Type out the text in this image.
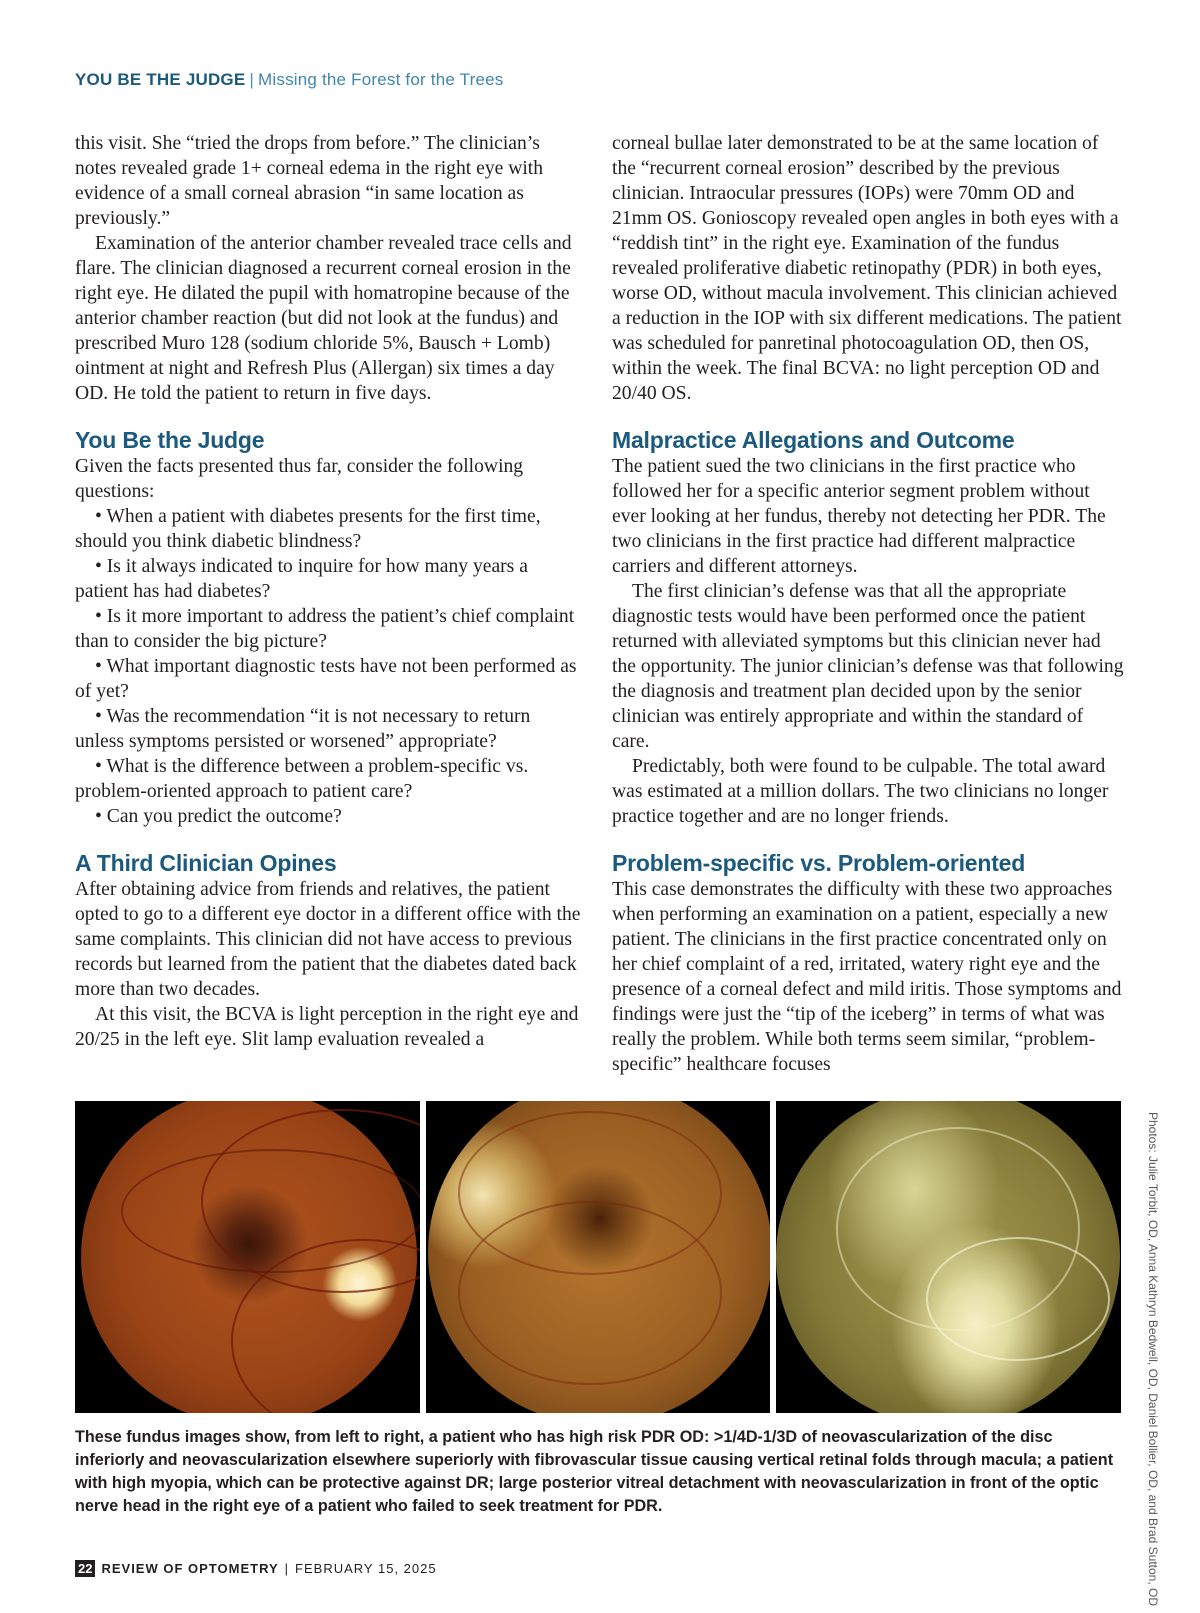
YOU BE THE JUDGE | Missing the Forest for the Trees

this visit. She “tried the drops from before.” The clinician’s notes revealed grade 1+ corneal edema in the right eye with evidence of a small corneal abrasion “in same location as previously.”

Examination of the anterior chamber revealed trace cells and flare. The clinician diagnosed a recurrent corneal erosion in the right eye. He dilated the pupil with homatropine because of the anterior chamber reaction (but did not look at the fundus) and prescribed Muro 128 (sodium chloride 5%, Bausch + Lomb) ointment at night and Refresh Plus (Allergan) six times a day OD. He told the patient to return in five days.

You Be the Judge

Given the facts presented thus far, consider the following questions:

• When a patient with diabetes presents for the first time, should you think diabetic blindness?

• Is it always indicated to inquire for how many years a patient has had diabetes?

• Is it more important to address the patient’s chief complaint than to consider the big picture?

• What important diagnostic tests have not been performed as of yet?

• Was the recommendation “it is not necessary to return unless symptoms persisted or worsened” appropriate?

• What is the difference between a problem-specific vs. problem-oriented approach to patient care?

• Can you predict the outcome?

A Third Clinician Opines

After obtaining advice from friends and relatives, the patient opted to go to a different eye doctor in a different office with the same complaints. This clinician did not have access to previous records but learned from the patient that the diabetes dated back more than two decades.

At this visit, the BCVA is light perception in the right eye and 20/25 in the left eye. Slit lamp evaluation revealed a

corneal bullae later demonstrated to be at the same location of the “recurrent corneal erosion” described by the previous clinician. Intraocular pressures (IOPs) were 70mm OD and 21mm OS. Gonioscopy revealed open angles in both eyes with a “reddish tint” in the right eye. Examination of the fundus revealed proliferative diabetic retinopathy (PDR) in both eyes, worse OD, without macula involvement. This clinician achieved a reduction in the IOP with six different medications. The patient was scheduled for panretinal photocoagulation OD, then OS, within the week. The final BCVA: no light perception OD and 20/40 OS.

Malpractice Allegations and Outcome

The patient sued the two clinicians in the first practice who followed her for a specific anterior segment problem without ever looking at her fundus, thereby not detecting her PDR. The two clinicians in the first practice had different malpractice carriers and different attorneys.

The first clinician’s defense was that all the appropriate diagnostic tests would have been performed once the patient returned with alleviated symptoms but this clinician never had the opportunity. The junior clinician’s defense was that following the diagnosis and treatment plan decided upon by the senior clinician was entirely appropriate and within the standard of care.

Predictably, both were found to be culpable. The total award was estimated at a million dollars. The two clinicians no longer practice together and are no longer friends.

Problem-specific vs. Problem-oriented

This case demonstrates the difficulty with these two approaches when performing an examination on a patient, especially a new patient. The clinicians in the first practice concentrated only on her chief complaint of a red, irritated, watery right eye and the presence of a corneal defect and mild iritis. Those symptoms and findings were just the “tip of the iceberg” in terms of what was really the problem. While both terms seem similar, “problem-specific” healthcare focuses

Photos: Julie Torbit, OD, Anna Kathryn Bedwell, OD, Daniel Bollier, OD, and Brad Sutton, OD
These fundus images show, from left to right, a patient who has high risk PDR OD: >1/4D-1/3D of neovascularization of the disc inferiorly and neovascularization elsewhere superiorly with fibrovascular tissue causing vertical retinal folds through macula; a patient with high myopia, which can be protective against DR; large posterior vitreal detachment with neovascularization in front of the optic nerve head in the right eye of a patient who failed to seek treatment for PDR.
22 REVIEW OF OPTOMETRY | FEBRUARY 15, 2025
